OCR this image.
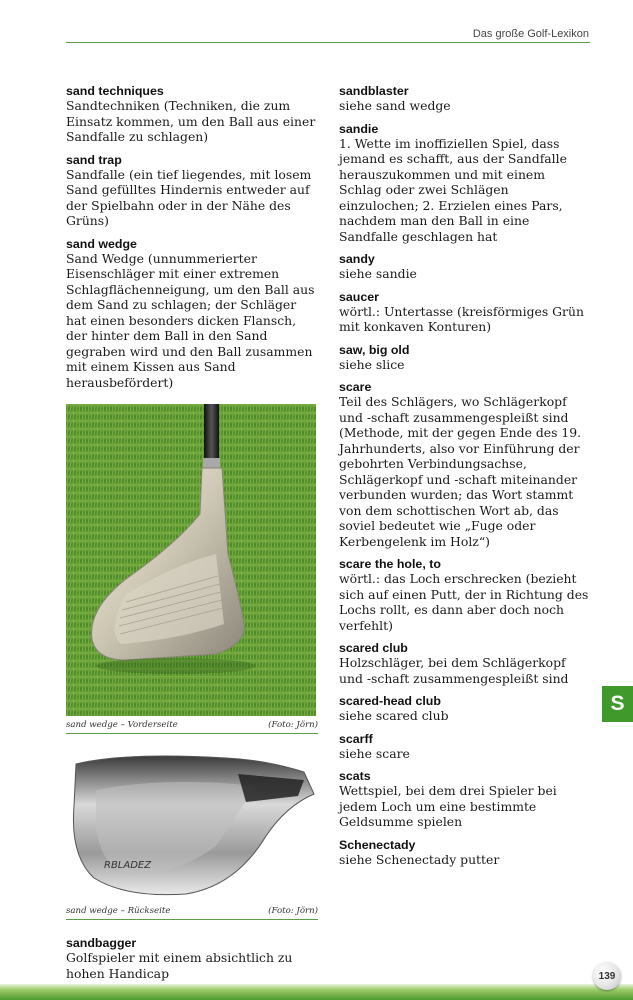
Das große Golf-Lexikon
sand techniques
Sandtechniken (Techniken, die zum Einsatz kommen, um den Ball aus einer Sandfalle zu schlagen)
sand trap
Sandfalle (ein tief liegendes, mit losem Sand gefülltes Hindernis entweder auf der Spielbahn oder in der Nähe des Grüns)
sand wedge
Sand Wedge (unnummerierter Eisenschläger mit einer extremen Schlagflächenneigung, um den Ball aus dem Sand zu schlagen; der Schläger hat einen besonders dicken Flansch, der hinter dem Ball in den Sand gegraben wird und den Ball zusammen mit einem Kissen aus Sand herausbefördert)
sand wedge – Vorderseite	(Foto: Jörn)
RBLADEZ
sand wedge – Rückseite	(Foto: Jörn)
sandbagger
Golfspieler mit einem absichtlich zu hohen Handicap
sandblaster
siehe sand wedge
sandie
1. Wette im inoffiziellen Spiel, dass jemand es schafft, aus der Sandfalle herauszukommen und mit einem Schlag oder zwei Schlägen einzulochen; 2. Erzielen eines Pars, nachdem man den Ball in eine Sandfalle geschlagen hat
sandy
siehe sandie
saucer
wörtl.: Untertasse (kreisförmiges Grün mit konkaven Konturen)
saw, big old
siehe slice
scare
Teil des Schlägers, wo Schlägerkopf und -schaft zusammengespleißt sind (Methode, mit der gegen Ende des 19. Jahrhunderts, also vor Einführung der gebohrten Verbindungsachse, Schlägerkopf und -schaft miteinander verbunden wurden; das Wort stammt von dem schottischen Wort ab, das soviel bedeutet wie „Fuge oder Kerbengelenk im Holz“)
scare the hole, to
wörtl.: das Loch erschrecken (bezieht sich auf einen Putt, der in Richtung des Lochs rollt, es dann aber doch noch verfehlt)
scared club
Holzschläger, bei dem Schlägerkopf und -schaft zusammengespleißt sind
scared-head club
siehe scared club
scarff
siehe scare
scats
Wettspiel, bei dem drei Spieler bei jedem Loch um eine bestimmte Geldsumme spielen
Schenectady
siehe Schenectady putter
S
139
